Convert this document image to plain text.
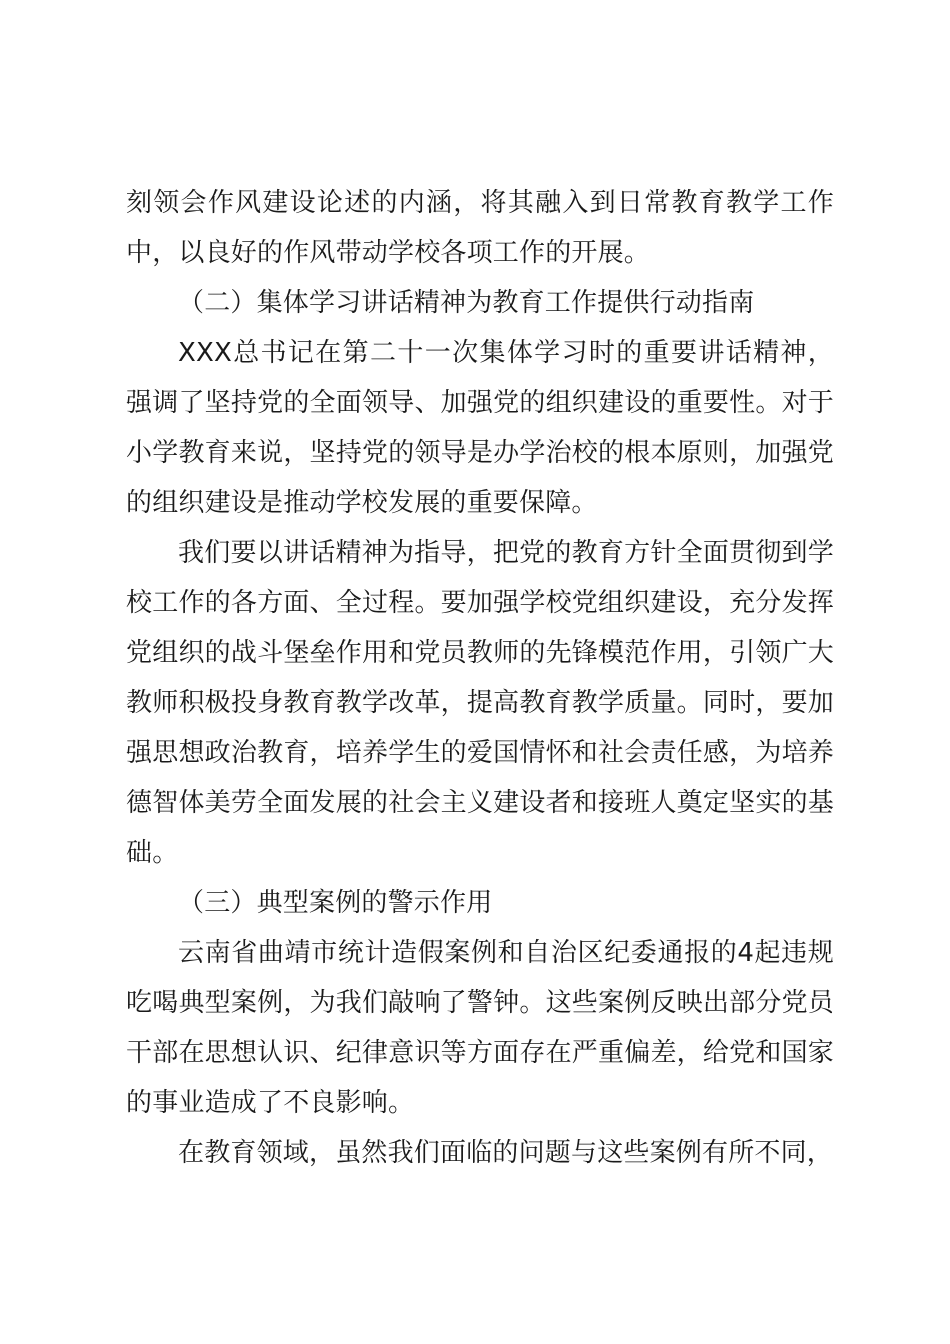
刻领会作风建设论述的内涵，将其融入到日常教育教学工作中，以良好的作风带动学校各项工作的开展。

（二）集体学习讲话精神为教育工作提供行动指南

XXX总书记在第二十一次集体学习时的重要讲话精神，强调了坚持党的全面领导、加强党的组织建设的重要性。对于小学教育来说，坚持党的领导是办学治校的根本原则，加强党的组织建设是推动学校发展的重要保障。

我们要以讲话精神为指导，把党的教育方针全面贯彻到学校工作的各方面、全过程。要加强学校党组织建设，充分发挥党组织的战斗堡垒作用和党员教师的先锋模范作用，引领广大教师积极投身教育教学改革，提高教育教学质量。同时，要加强思想政治教育，培养学生的爱国情怀和社会责任感，为培养德智体美劳全面发展的社会主义建设者和接班人奠定坚实的基础。

（三）典型案例的警示作用

云南省曲靖市统计造假案例和自治区纪委通报的4起违规吃喝典型案例，为我们敲响了警钟。这些案例反映出部分党员干部在思想认识、纪律意识等方面存在严重偏差，给党和国家的事业造成了不良影响。

在教育领域，虽然我们面临的问题与这些案例有所不同，
